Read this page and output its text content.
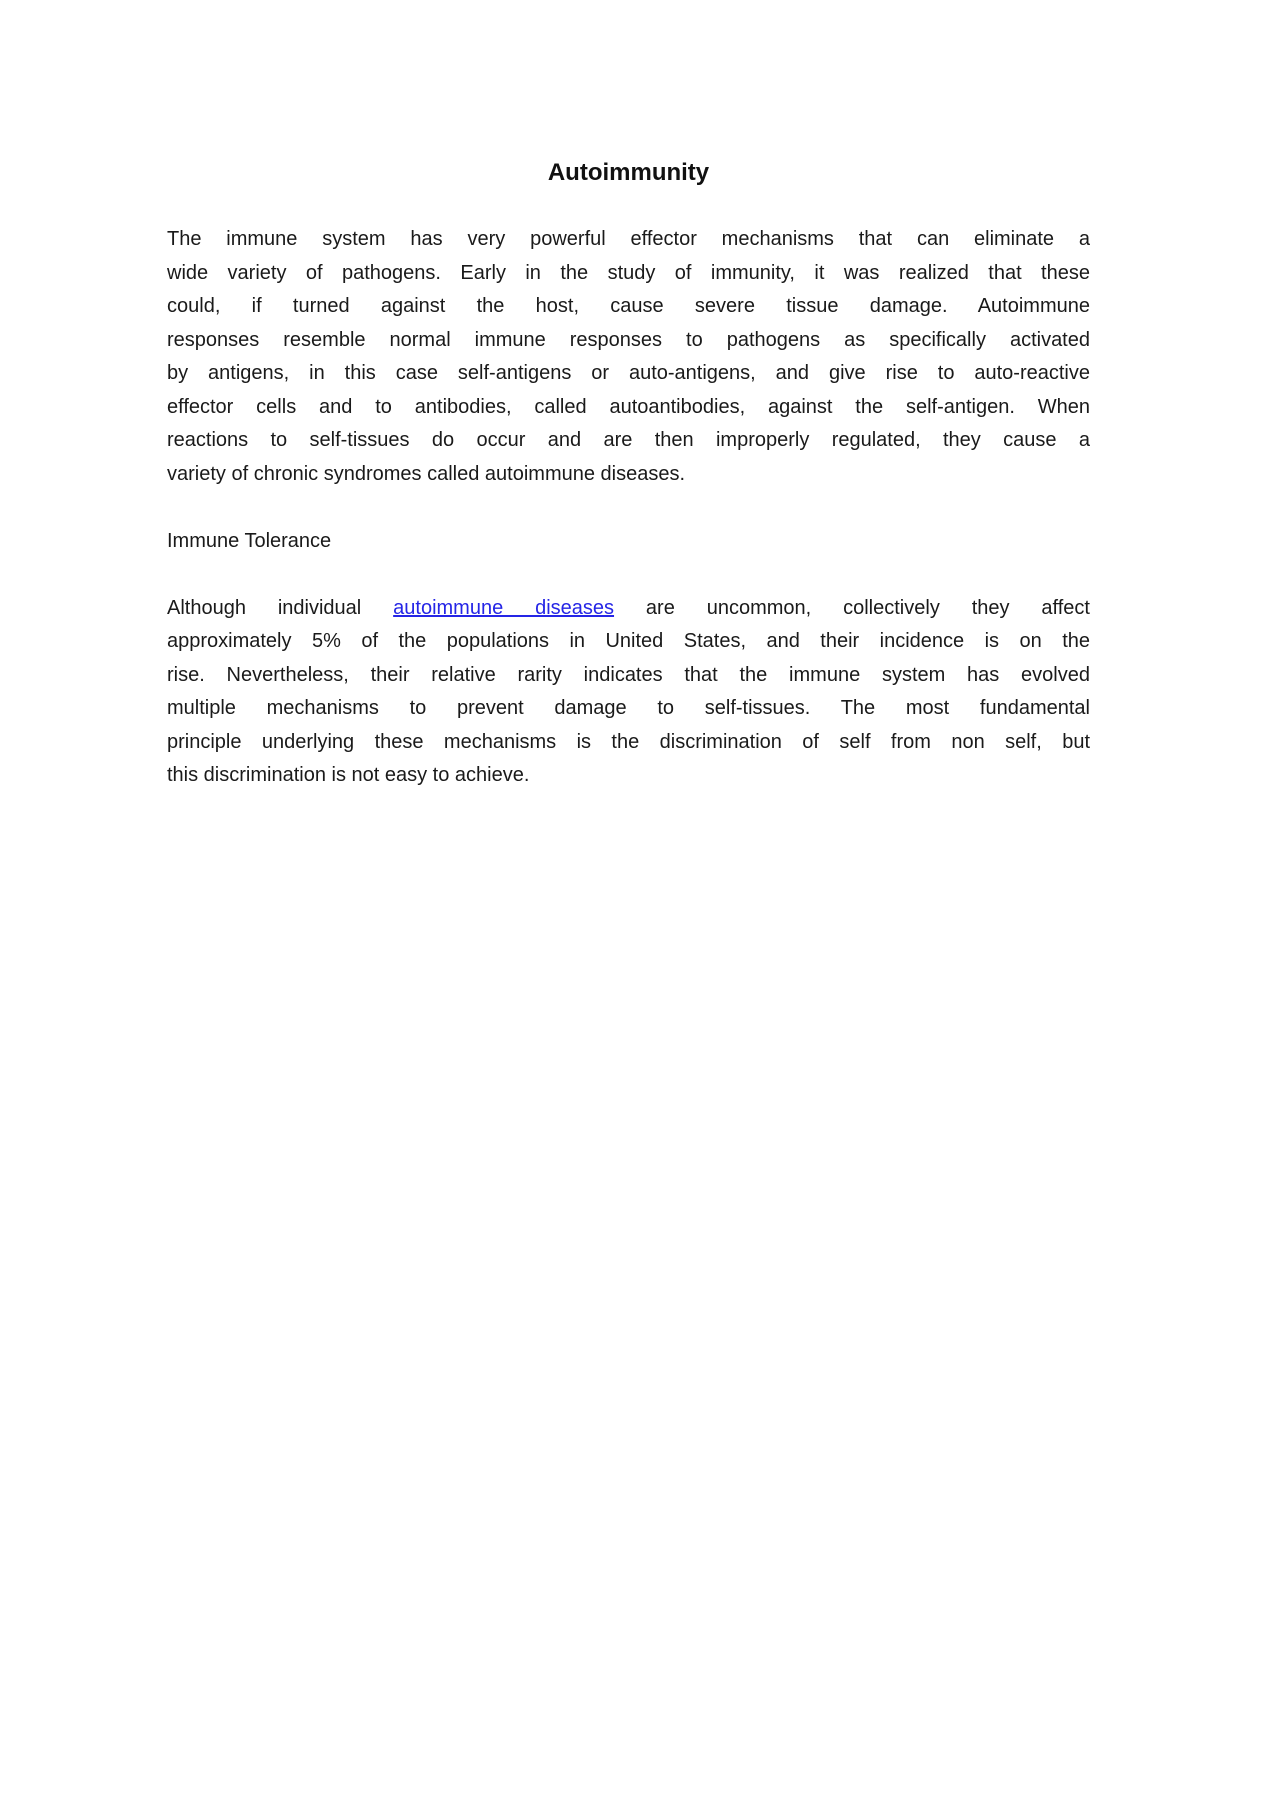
Autoimmunity
The immune system has very powerful effector mechanisms that can eliminate a
wide variety of pathogens. Early in the study of immunity, it was realized that these
could, if turned against the host, cause severe tissue damage. Autoimmune
responses resemble normal immune responses to pathogens as specifically activated
by antigens, in this case self-antigens or auto-antigens, and give rise to auto-reactive
effector cells and to antibodies, called autoantibodies, against the self-antigen. When
reactions to self-tissues do occur and are then improperly regulated, they cause a
variety of chronic syndromes called autoimmune diseases.
Immune Tolerance
Although individual autoimmune diseases are uncommon, collectively they affect
approximately 5% of the populations in United States, and their incidence is on the
rise. Nevertheless, their relative rarity indicates that the immune system has evolved
multiple mechanisms to prevent damage to self-tissues. The most fundamental
principle underlying these mechanisms is the discrimination of self from non self, but
this discrimination is not easy to achieve.
